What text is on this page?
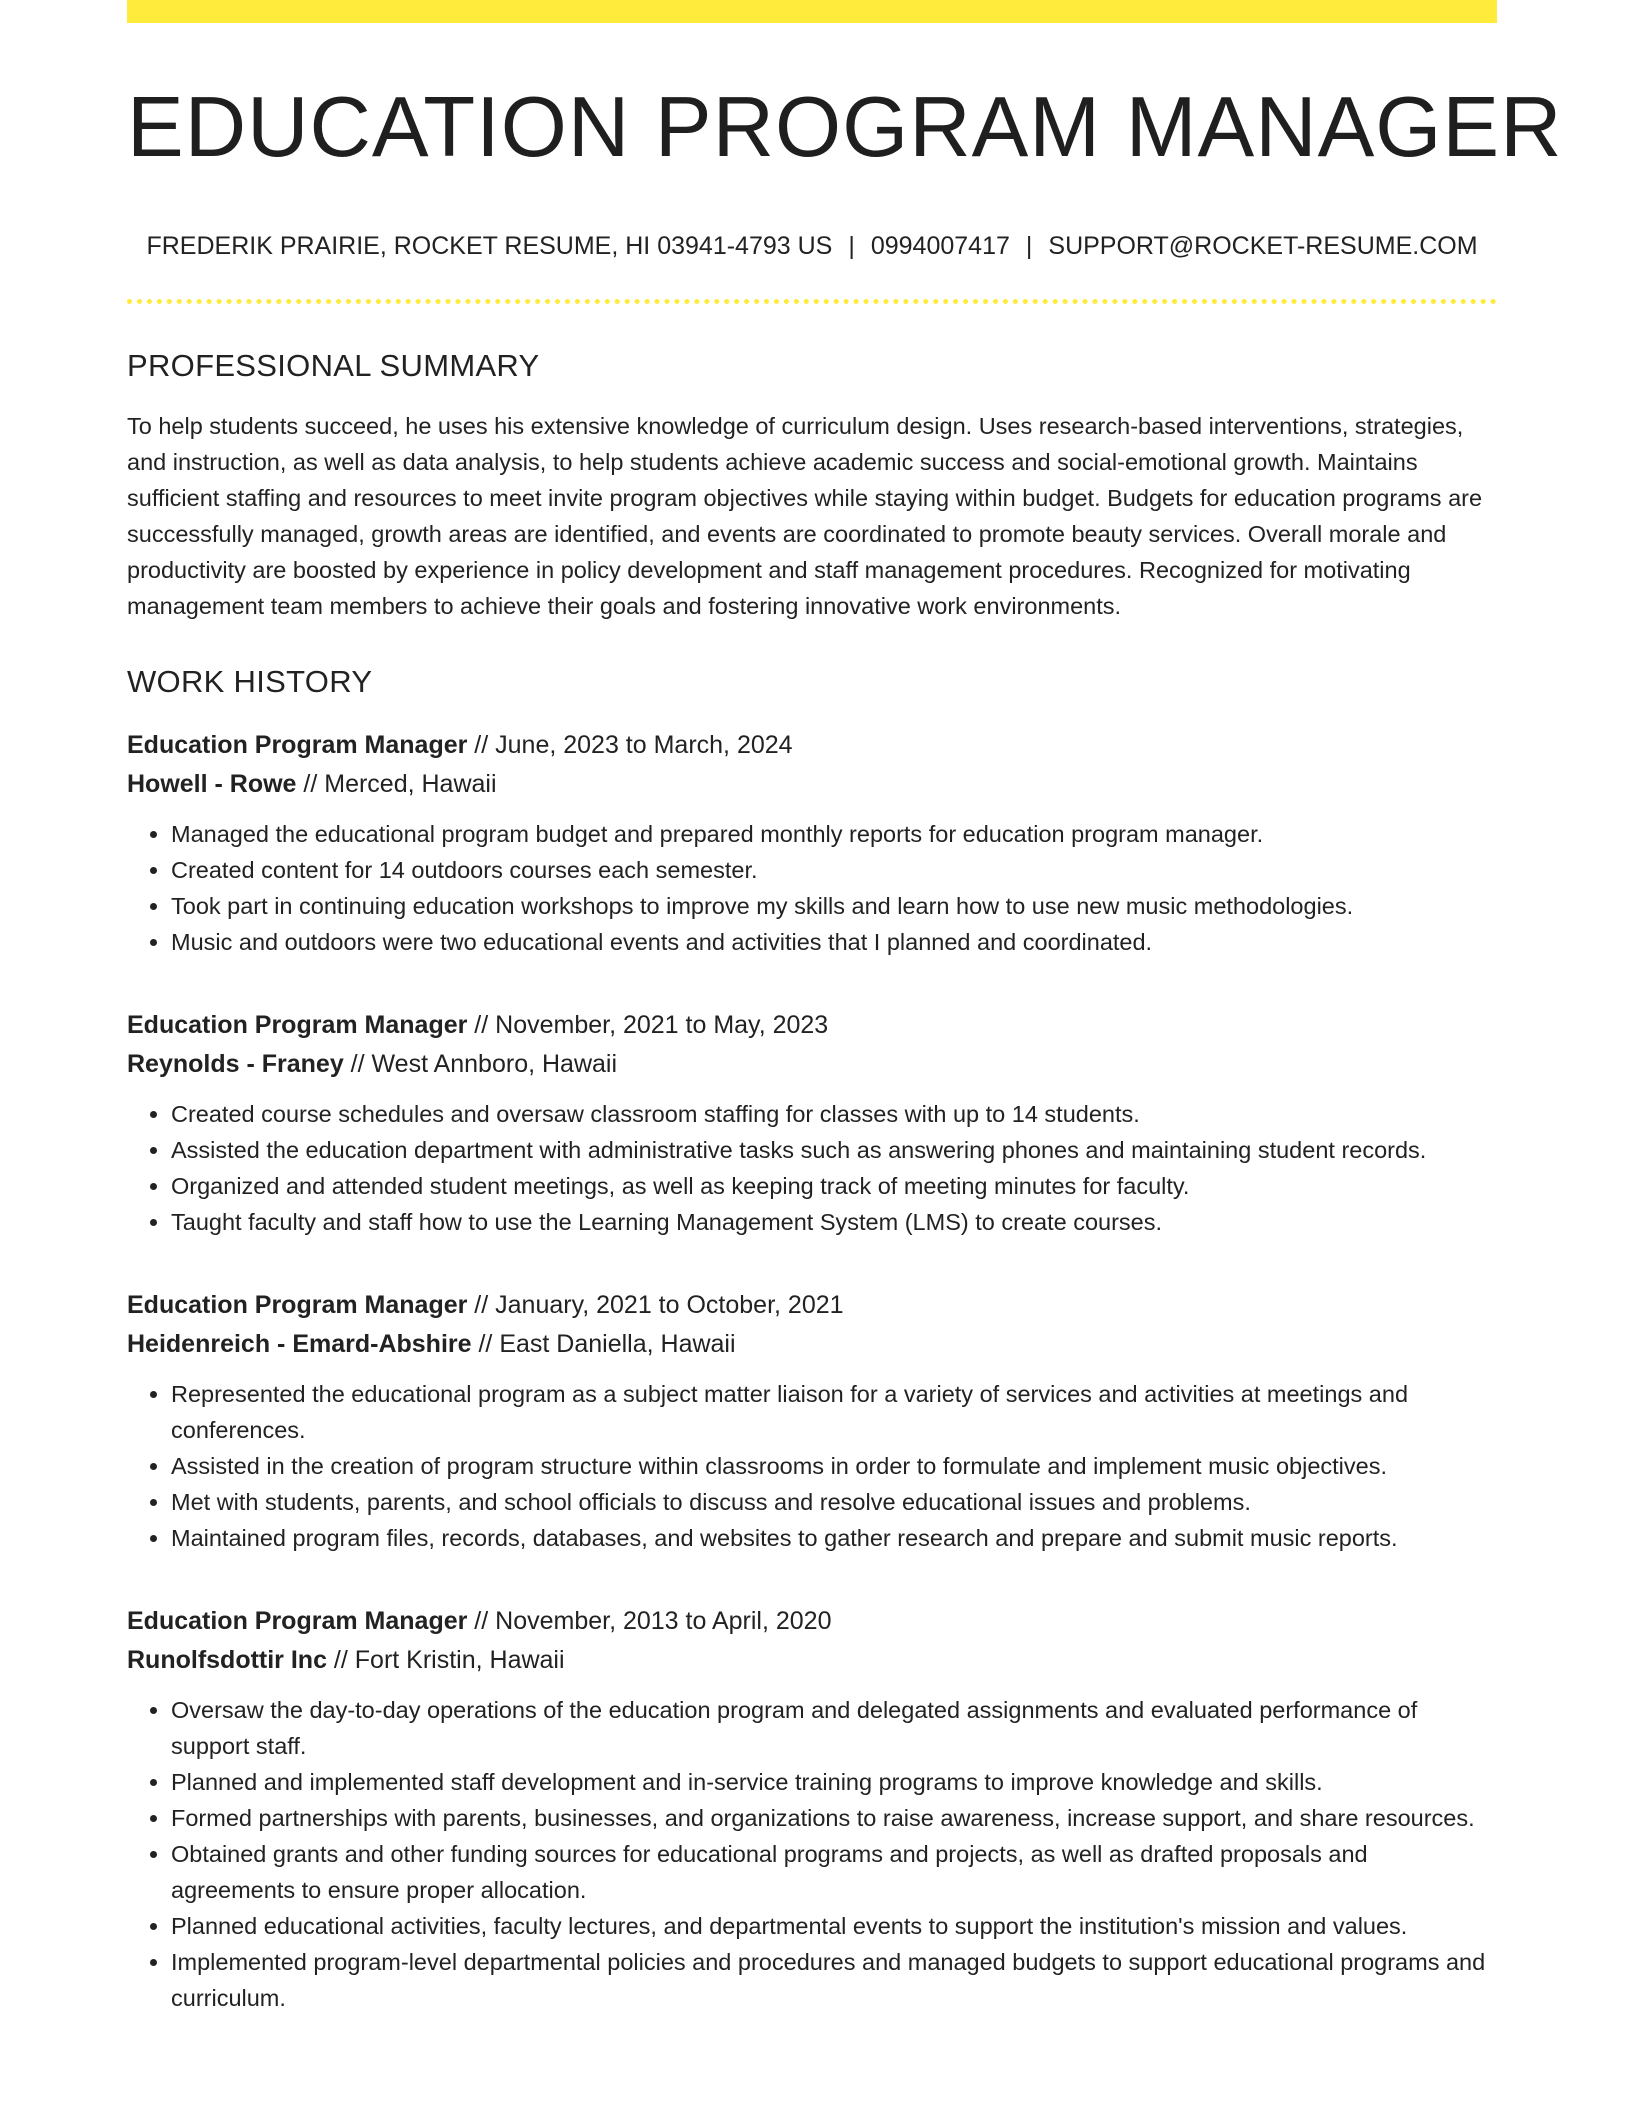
EDUCATION PROGRAM MANAGER
FREDERIK PRAIRIE, ROCKET RESUME, HI 03941-4793 US | 0994007417 | SUPPORT@ROCKET-RESUME.COM
PROFESSIONAL SUMMARY

To help students succeed, he uses his extensive knowledge of curriculum design. Uses research-based interventions, strategies, and instruction, as well as data analysis, to help students achieve academic success and social-emotional growth. Maintains sufficient staffing and resources to meet invite program objectives while staying within budget. Budgets for education programs are successfully managed, growth areas are identified, and events are coordinated to promote beauty services. Overall morale and productivity are boosted by experience in policy development and staff management procedures. Recognized for motivating management team members to achieve their goals and fostering innovative work environments.

WORK HISTORY
Education Program Manager // June, 2023 to March, 2024
Howell - Rowe // Merced, Hawaii
• Managed the educational program budget and prepared monthly reports for education program manager.
• Created content for 14 outdoors courses each semester.
• Took part in continuing education workshops to improve my skills and learn how to use new music methodologies.
• Music and outdoors were two educational events and activities that I planned and coordinated.
Education Program Manager // November, 2021 to May, 2023
Reynolds - Franey // West Annboro, Hawaii
• Created course schedules and oversaw classroom staffing for classes with up to 14 students.
• Assisted the education department with administrative tasks such as answering phones and maintaining student records.
• Organized and attended student meetings, as well as keeping track of meeting minutes for faculty.
• Taught faculty and staff how to use the Learning Management System (LMS) to create courses.
Education Program Manager // January, 2021 to October, 2021
Heidenreich - Emard-Abshire // East Daniella, Hawaii
• Represented the educational program as a subject matter liaison for a variety of services and activities at meetings and conferences.
• Assisted in the creation of program structure within classrooms in order to formulate and implement music objectives.
• Met with students, parents, and school officials to discuss and resolve educational issues and problems.
• Maintained program files, records, databases, and websites to gather research and prepare and submit music reports.
Education Program Manager // November, 2013 to April, 2020
Runolfsdottir Inc // Fort Kristin, Hawaii
• Oversaw the day-to-day operations of the education program and delegated assignments and evaluated performance of support staff.
• Planned and implemented staff development and in-service training programs to improve knowledge and skills.
• Formed partnerships with parents, businesses, and organizations to raise awareness, increase support, and share resources.
• Obtained grants and other funding sources for educational programs and projects, as well as drafted proposals and agreements to ensure proper allocation.
• Planned educational activities, faculty lectures, and departmental events to support the institution's mission and values.
• Implemented program-level departmental policies and procedures and managed budgets to support educational programs and curriculum.
